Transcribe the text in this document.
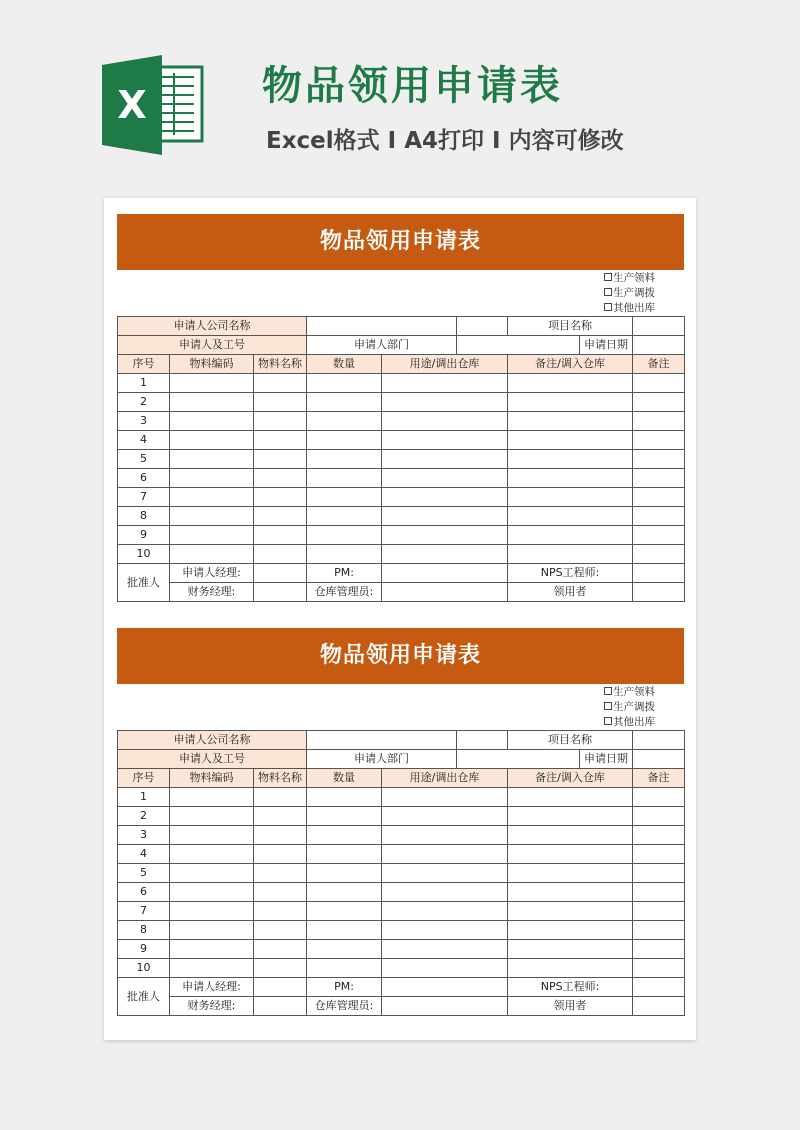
X	物品领用申请表
Excel格式 I A4打印 I 内容可修改
物品领用申请表
生产领料
生产调拨
其他出库
申请人公司名称						项目名称		
申请人及工号			申请人部门				申请日期	
序号	物料编码	物料名称	数量	用途/调出仓库		备注/调入仓库		备注
1								
2								
3								
4								
5								
6								
7								
8								
9								
10								
批准人	申请人经理:		PM:			NPS工程师:		
	财务经理:		仓库管理员:			领用者		
物品领用申请表
生产领料
生产调拨
其他出库
申请人公司名称						项目名称		
申请人及工号			申请人部门				申请日期	
序号	物料编码	物料名称	数量	用途/调出仓库		备注/调入仓库		备注
1								
2								
3								
4								
5								
6								
7								
8								
9								
10								
批准人	申请人经理:		PM:			NPS工程师:		
	财务经理:		仓库管理员:			领用者		
